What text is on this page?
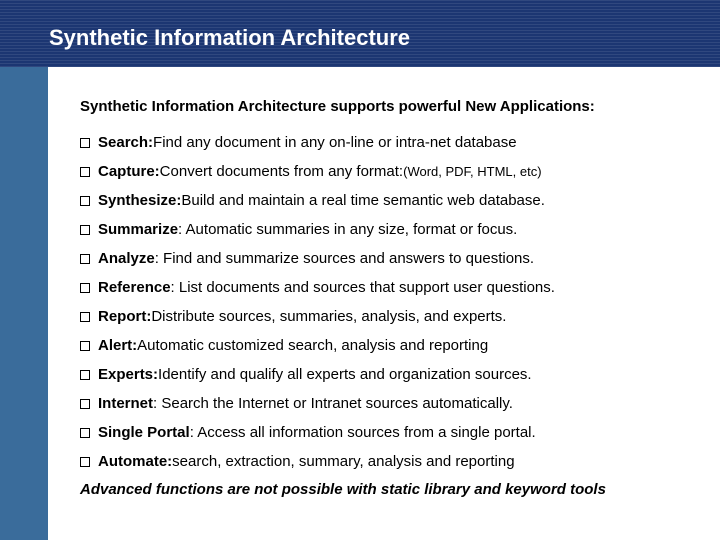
Synthetic Information Architecture

Synthetic Information Architecture supports powerful New Applications:

Search: Find any document in any on-line or intra-net database
Capture: Convert documents from any format: (Word, PDF, HTML, etc)
Synthesize: Build and maintain a real time semantic web database.
Summarize : Automatic summaries in any size, format or focus.
Analyze : Find and summarize sources and answers to questions.
Reference : List documents and sources that support user questions.
Report: Distribute sources, summaries, analysis, and experts.
Alert: Automatic customized search, analysis and reporting
Experts: Identify and qualify all experts and organization sources.
Internet : Search the Internet or Intranet sources automatically.
Single Portal : Access all information sources from a single portal.
Automate: search, extraction, summary, analysis and reporting
Advanced functions are not possible with static library and keyword tools
